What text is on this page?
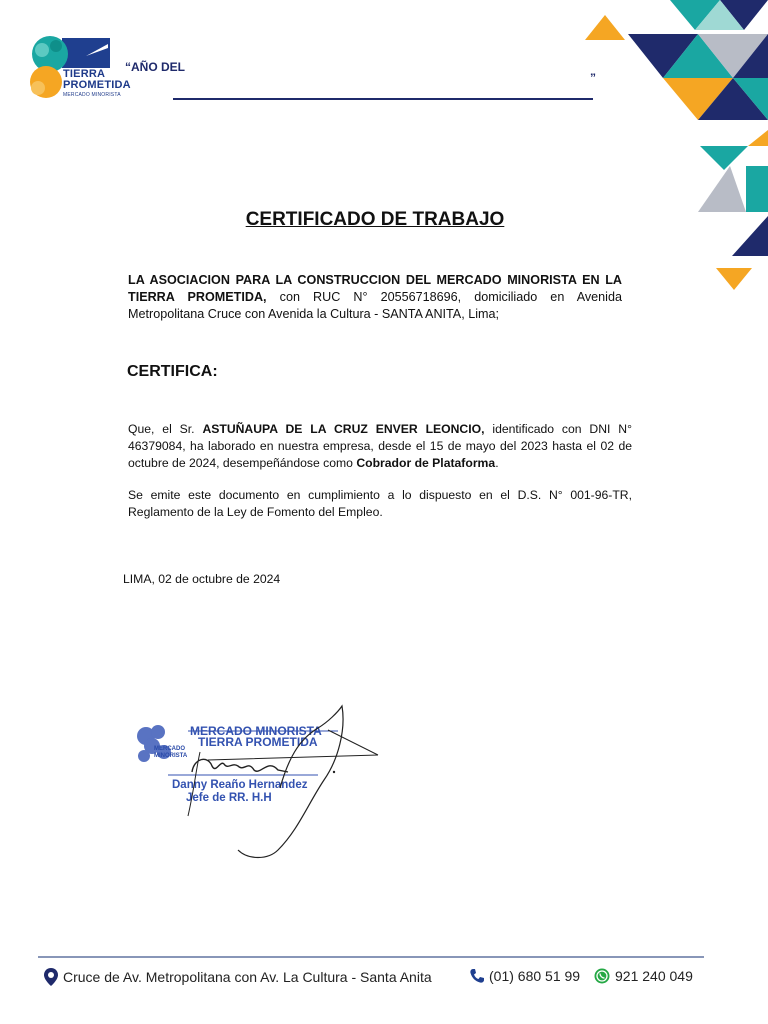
TIERRA
PROMETIDA
MERCADO MINORISTA
“AÑO DEL
”
CERTIFICADO DE TRABAJO
LA ASOCIACION PARA LA CONSTRUCCION DEL MERCADO MINORISTA EN LA TIERRA PROMETIDA, con RUC N° 20556718696, domiciliado en Avenida Metropolitana Cruce con Avenida la Cultura - SANTA ANITA, Lima;
CERTIFICA:
Que, el Sr. ASTUÑAUPA DE LA CRUZ ENVER LEONCIO, identificado con DNI N° 46379084, ha laborado en nuestra empresa, desde el 15 de mayo del 2023 hasta el 02 de octubre de 2024, desempeñándose como Cobrador de Plataforma.
Se emite este documento en cumplimiento a lo dispuesto en el D.S. N° 001-96-TR, Reglamento de la Ley de Fomento del Empleo.
LIMA, 02 de octubre de 2024
MERCADO
MINORISTA
MERCADO MINORISTA
TIERRA PROMETIDA
Danny Reaño Hernandez
Jefe de RR. H.H
Cruce de Av. Metropolitana con Av. La Cultura - Santa Anita	(01) 680 51 99 921 240 049
